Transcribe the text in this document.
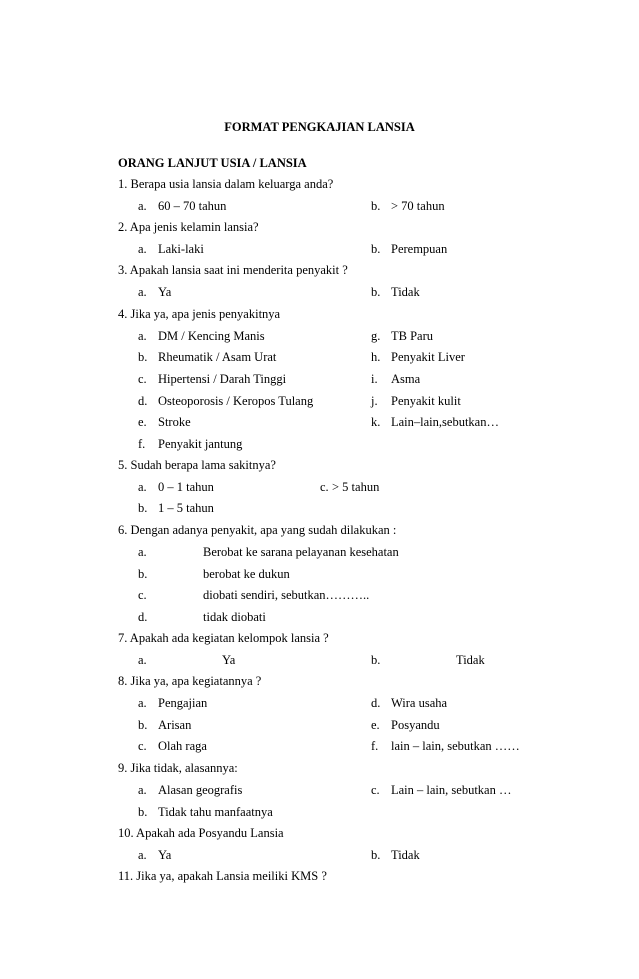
FORMAT PENGKAJIAN LANSIA
ORANG LANJUT USIA / LANSIA
1. Berapa usia lansia dalam keluarga anda?
a. 60 – 70 tahun	b. > 70 tahun
2. Apa jenis kelamin lansia?
a. Laki-laki	b. Perempuan
3. Apakah lansia saat ini menderita penyakit ?
a. Ya	b. Tidak
4. Jika ya, apa jenis penyakitnya
a. DM / Kencing Manis	g. TB Paru
b. Rheumatik / Asam Urat	h. Penyakit Liver
c. Hipertensi / Darah Tinggi	i. Asma
d. Osteoporosis / Keropos Tulang	j. Penyakit kulit
e. Stroke	k. Lain–lain,sebutkan…
f. Penyakit jantung
5. Sudah berapa lama sakitnya?
a. 0 – 1 tahun	c. > 5 tahun
b. 1 – 5 tahun
6. Dengan adanya penyakit, apa yang sudah dilakukan :
a.	Berobat ke sarana pelayanan kesehatan
b.	berobat ke dukun
c.	diobati sendiri, sebutkan………..
d.	tidak diobati
7. Apakah ada kegiatan kelompok lansia ?
a.	Ya	b.	Tidak
8. Jika ya, apa kegiatannya ?
a. Pengajian	d. Wira usaha
b. Arisan	e. Posyandu
c. Olah raga	f. lain – lain, sebutkan ……
9. Jika tidak, alasannya:
a. Alasan geografis	c. Lain – lain, sebutkan …
b. Tidak tahu manfaatnya
10. Apakah ada Posyandu Lansia
a. Ya	b. Tidak
11. Jika ya, apakah Lansia meiliki KMS ?
